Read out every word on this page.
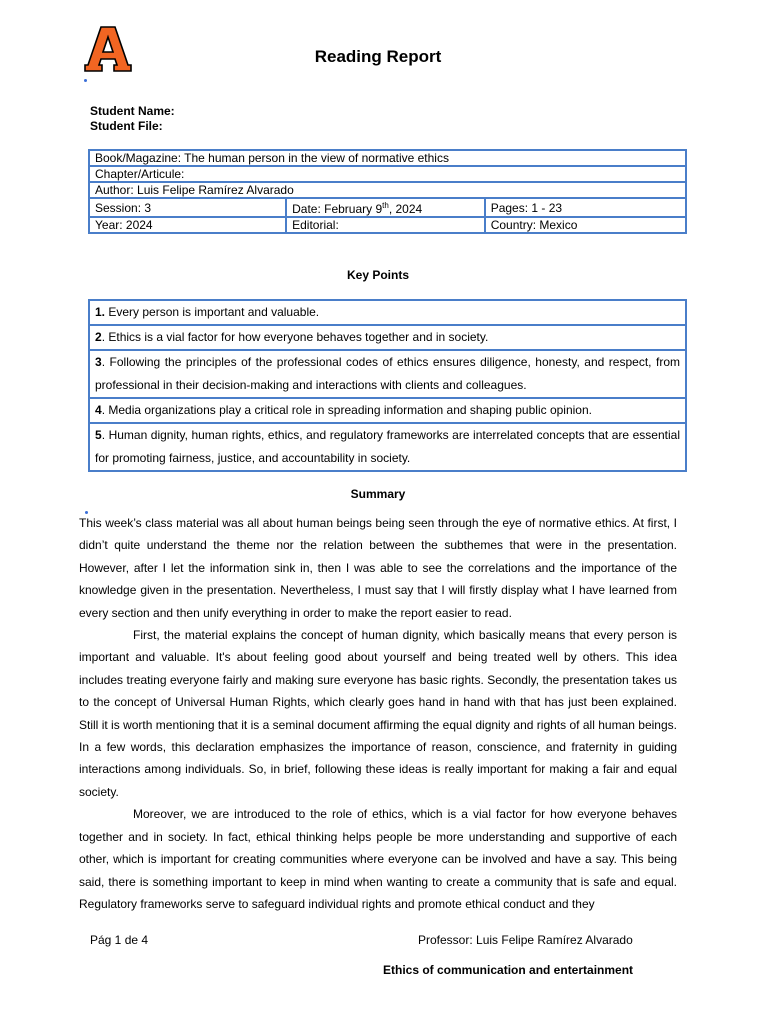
Reading Report
Student Name:
Student File:
Book/Magazine: The human person in the view of normative ethics		
Chapter/Articule:		
Author: Luis Felipe Ramírez Alvarado		
Session: 3	Date: February 9th, 2024	Pages: 1 - 23
Year: 2024	Editorial:	Country: Mexico
Key Points
1. Every person is important and valuable.
2. Ethics is a vial factor for how everyone behaves together and in society.
3. Following the principles of the professional codes of ethics ensures diligence, honesty, and respect, from professional in their decision-making and interactions with clients and colleagues.
4. Media organizations play a critical role in spreading information and shaping public opinion.
5. Human dignity, human rights, ethics, and regulatory frameworks are interrelated concepts that are essential for promoting fairness, justice, and accountability in society.
Summary

This week’s class material was all about human beings being seen through the eye of normative ethics. At first, I didn’t quite understand the theme nor the relation between the subthemes that were in the presentation. However, after I let the information sink in, then I was able to see the correlations and the importance of the knowledge given in the presentation. Nevertheless, I must say that I will firstly display what I have learned from every section and then unify everything in order to make the report easier to read.

First, the material explains the concept of human dignity, which basically means that every person is important and valuable. It's about feeling good about yourself and being treated well by others. This idea includes treating everyone fairly and making sure everyone has basic rights. Secondly, the presentation takes us to the concept of Universal Human Rights, which clearly goes hand in hand with that has just been explained. Still it is worth mentioning that it is a seminal document affirming the equal dignity and rights of all human beings. In a few words, this declaration emphasizes the importance of reason, conscience, and fraternity in guiding interactions among individuals. So, in brief, following these ideas is really important for making a fair and equal society.

Moreover, we are introduced to the role of ethics, which is a vial factor for how everyone behaves together and in society. In fact, ethical thinking helps people be more understanding and supportive of each other, which is important for creating communities where everyone can be involved and have a say. This being said, there is something important to keep in mind when wanting to create a community that is safe and equal. Regulatory frameworks serve to safeguard individual rights and promote ethical conduct and they

Pág 1 de 4	Professor: Luis Felipe Ramírez Alvarado
Ethics of communication and entertainment
